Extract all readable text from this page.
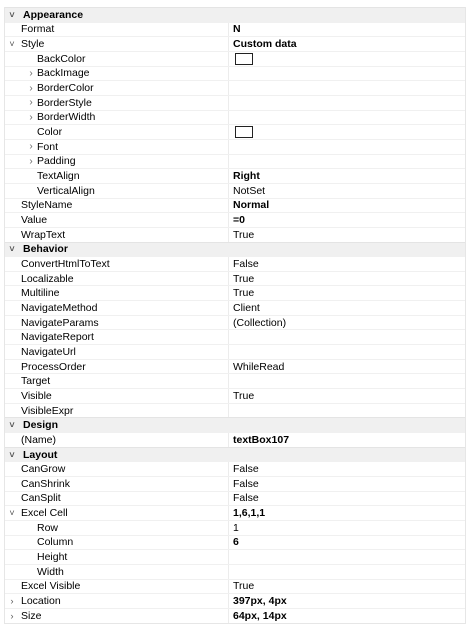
˅ Appearance
Format	N
˅ Style	Custom data
BackColor
› BackImage
› BorderColor
› BorderStyle
› BorderWidth
Color
› Font
› Padding
TextAlign	Right
VerticalAlign	NotSet
StyleName	Normal
Value	=0
WrapText	True
˅ Behavior
ConvertHtmlToText	False
Localizable	True
Multiline	True
NavigateMethod	Client
NavigateParams	(Collection)
NavigateReport
NavigateUrl
ProcessOrder	WhileRead
Target
Visible	True
VisibleExpr
˅ Design
(Name)	textBox107
˅ Layout
CanGrow	False
CanShrink	False
CanSplit	False
˅ Excel Cell	1,6,1,1
Row	1
Column	6
Height
Width
Excel Visible	True
› Location	397px, 4px
› Size	64px, 14px
